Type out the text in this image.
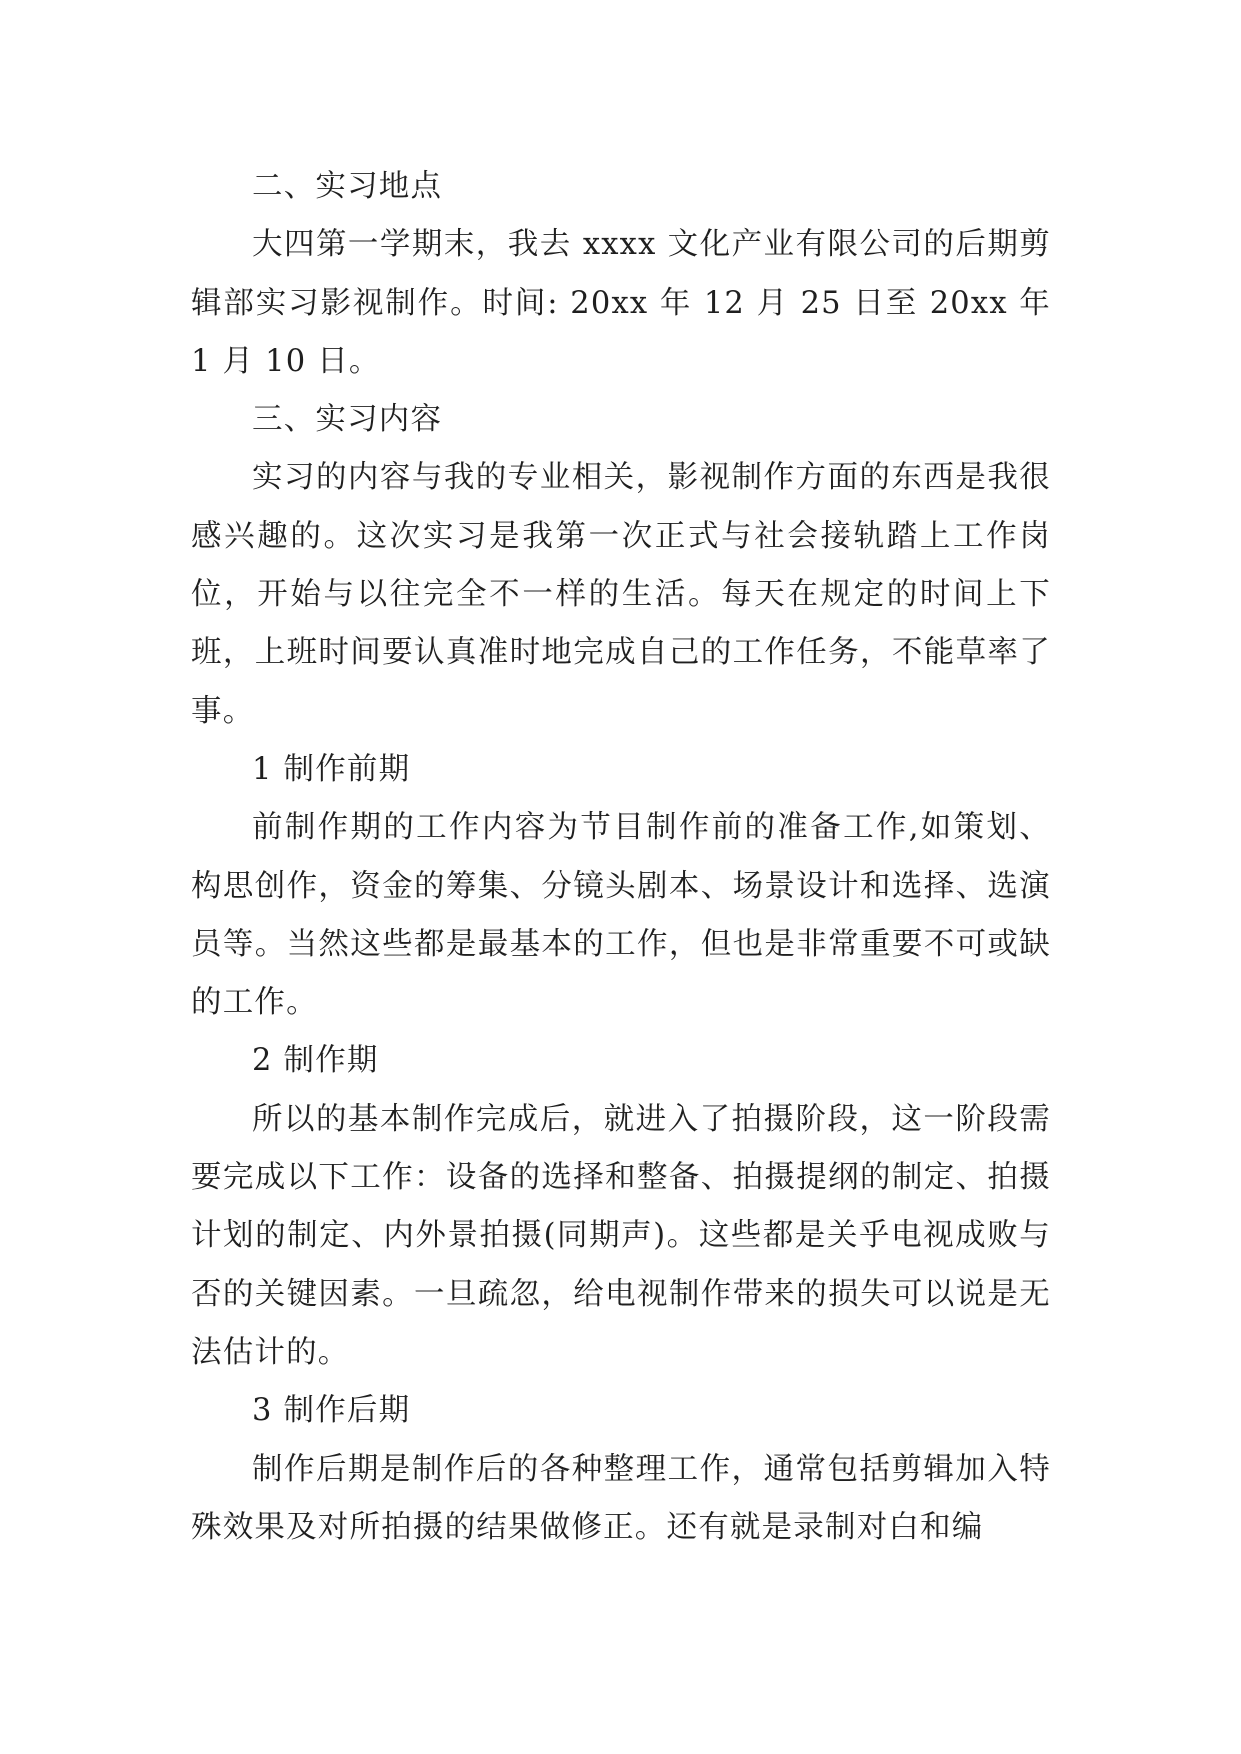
二、实习地点

大四第一学期末，我去 xxxx 文化产业有限公司的后期剪辑部实习影视制作。时间: 20xx 年 12 月 25 日至 20xx 年 1 月 10 日。

三、实习内容

实习的内容与我的专业相关，影视制作方面的东西是我很感兴趣的。这次实习是我第一次正式与社会接轨踏上工作岗位，开始与以往完全不一样的生活。每天在规定的时间上下班，上班时间要认真准时地完成自己的工作任务，不能草率了事。

1 制作前期

前制作期的工作内容为节目制作前的准备工作,如策划、构思创作，资金的筹集、分镜头剧本、场景设计和选择、选演员等。当然这些都是最基本的工作，但也是非常重要不可或缺的工作。

2 制作期

所以的基本制作完成后，就进入了拍摄阶段，这一阶段需要完成以下工作：设备的选择和整备、拍摄提纲的制定、拍摄计划的制定、内外景拍摄(同期声)。这些都是关乎电视成败与否的关键因素。一旦疏忽，给电视制作带来的损失可以说是无法估计的。

3 制作后期

制作后期是制作后的各种整理工作，通常包括剪辑加入特殊效果及对所拍摄的结果做修正。还有就是录制对白和编
